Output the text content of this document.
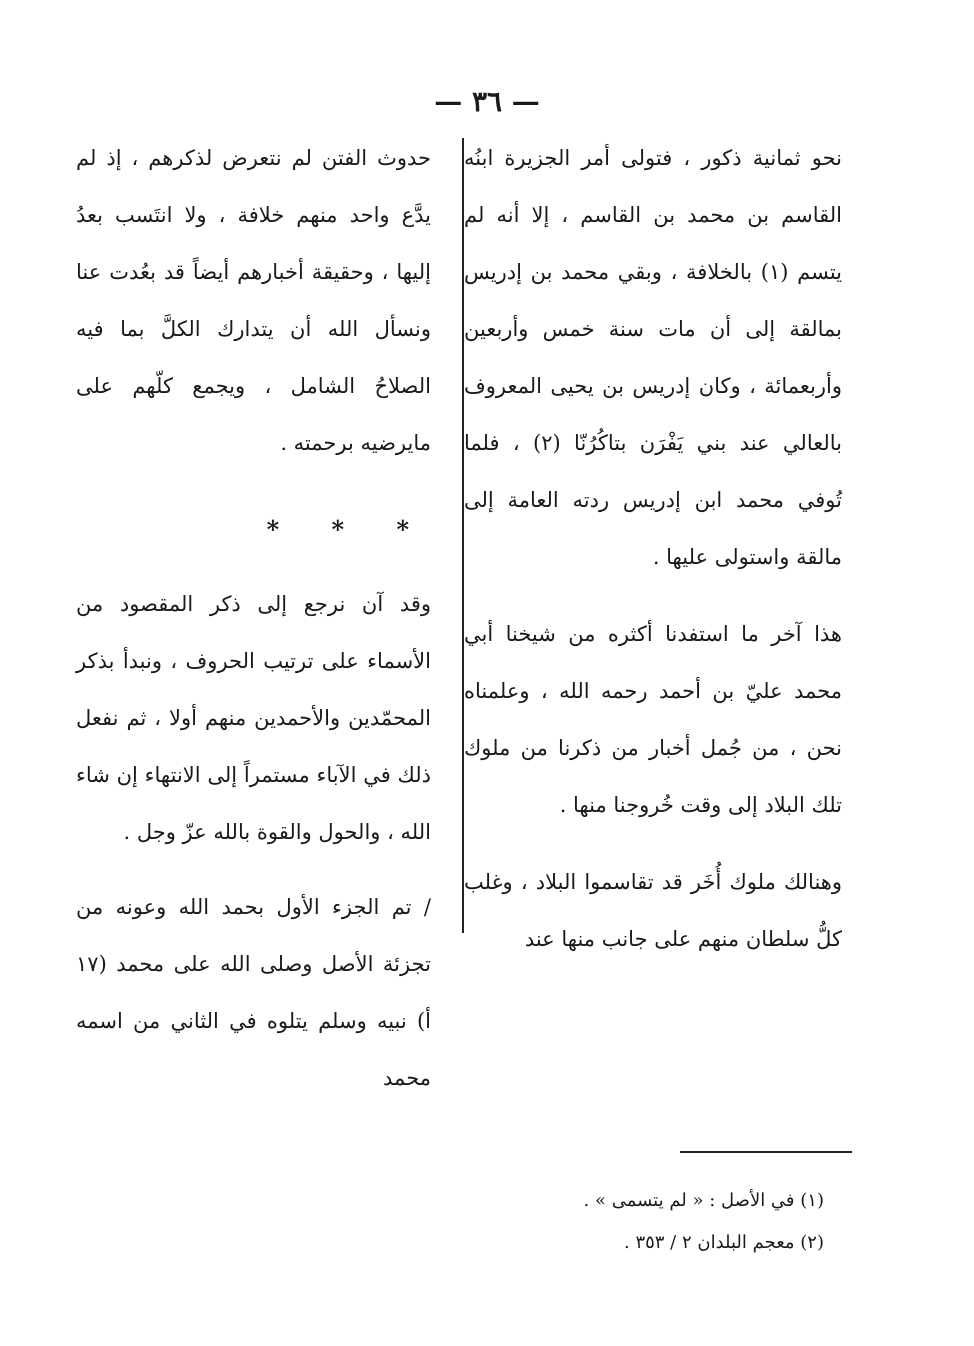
— ٣٦ —

نحو ثمانية ذكور ، فتولى أمر الجزيرة ابنُه القاسم بن محمد بن القاسم ، إلا أنه لم يتسم (١) بالخلافة ، وبقي محمد بن إدريس بمالقة إلى أن مات سنة خمس وأربعين وأربعمائة ، وكان إدريس بن يحيى المعروف بالعالي عند بني يَفْرَن بتاكُرُنّا (٢) ، فلما تُوفي محمد ابن إدريس ردته العامة إلى مالقة واستولى عليها .

هذا آخر ما استفدنا أكثره من شيخنا أبي محمد عليّ بن أحمد رحمه الله ، وعلمناه نحن ، من جُمل أخبار من ذكرنا من ملوك تلك البلاد إلى وقت خُروجنا منها .

وهنالك ملوك أُخَر قد تقاسموا البلاد ، وغلب كلُّ سلطان منهم على جانب منها عند

حدوث الفتن لم نتعرض لذكرهم ، إذ لم يدَّع واحد منهم خلافة ، ولا انتَسب بعدُ إليها ، وحقيقة أخبارهم أيضاً قد بعُدت عنا ونسأل الله أن يتدارك الكلَّ بما فيه الصلاحُ الشامل ، ويجمع كلّهم على مايرضيه برحمته .

* * *

وقد آن نرجع إلى ذكر المقصود من الأسماء على ترتيب الحروف ، ونبدأ بذكر المحمّدين والأحمدين منهم أولا ، ثم نفعل ذلك في الآباء مستمراً إلى الانتهاء إن شاء الله ، والحول والقوة بالله عزّ وجل .

/ تم الجزء الأول بحمد الله وعونه من تجزئة الأصل وصلى الله على محمد (١٧ أ) نبيه وسلم يتلوه في الثاني من اسمه محمد

(١) في الأصل : « لم يتسمى » .

(٢) معجم البلدان ٢ / ٣٥٣ .
